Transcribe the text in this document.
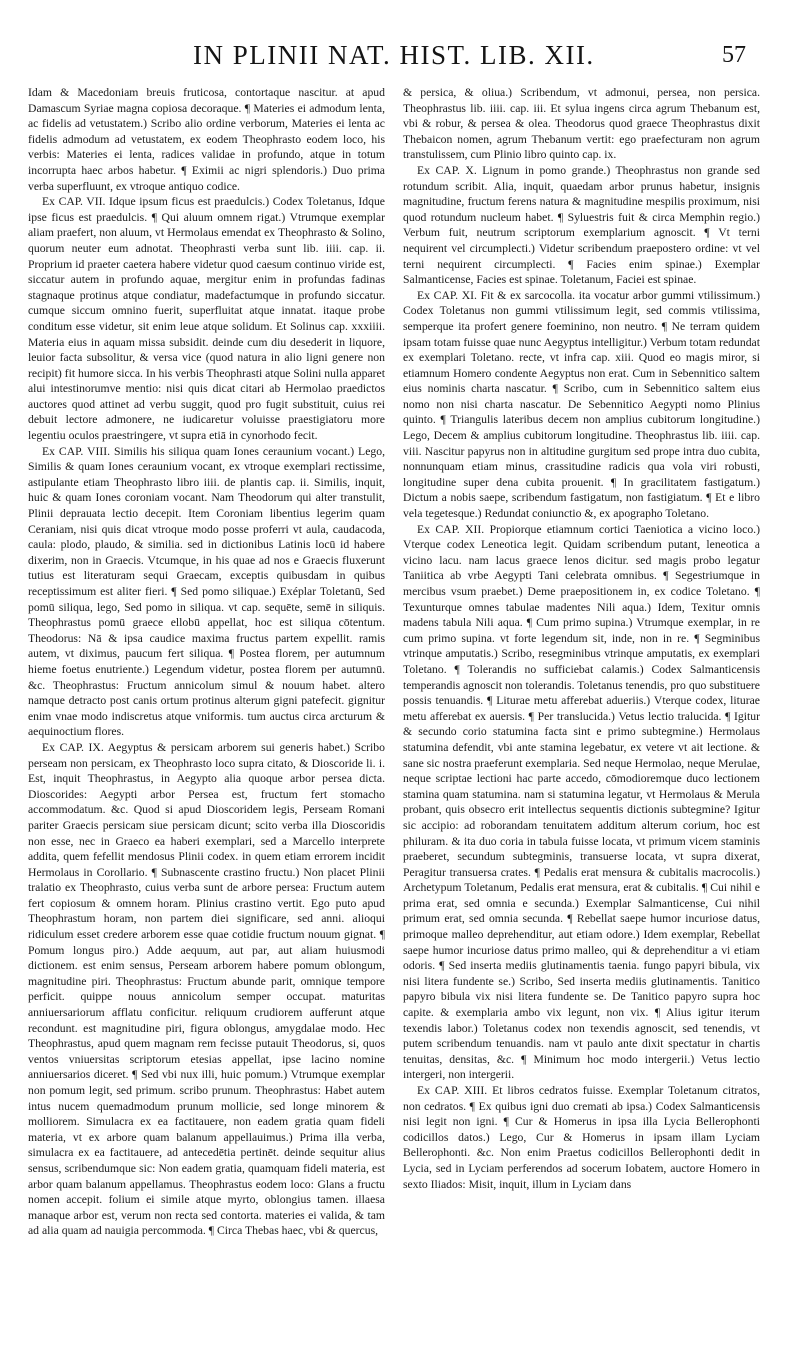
IN PLINII NAT. HIST. LIB. XII.	57

Idam & Macedoniam breuis fruticosa, contortaque nascitur. at apud Damascum Syriae magna copiosa decoraque. ¶ Materies ei admodum lenta, ac fidelis ad vetustatem.) Scribo alio ordine verborum, Materies ei lenta ac fidelis admodum ad vetustatem, ex eodem Theophrasto eodem loco, his verbis: Materies ei lenta, radices validae in profundo, atque in totum incorrupta haec arbos habetur. ¶ Eximii ac nigri splendoris.) Duo prima verba superfluunt, ex vtroque antiquo codice.

Ex CAP. VII. Idque ipsum ficus est praedulcis.) Codex Toletanus, Idque ipse ficus est praedulcis. ¶ Qui aluum omnem rigat.) Vtrumque exemplar aliam praefert, non aluum, vt Hermolaus emendat ex Theophrasto & Solino, quorum neuter eum adnotat. Theophrasti verba sunt lib. iiii. cap. ii. Proprium id praeter caetera habere videtur quod caesum continuo viride est, siccatur autem in profundo aquae, mergitur enim in profundas fadinas stagnaque protinus atque condiatur, madefactumque in profundo siccatur. cumque siccum omnino fuerit, superfluitat atque innatat. itaque probe conditum esse videtur, sit enim leue atque solidum. Et Solinus cap. xxxiiii. Materia eius in aquam missa subsidit. deinde cum diu desederit in liquore, leuior facta subsolitur, & versa vice (quod natura in alio ligni genere non recipit) fit humore sicca. In his verbis Theophrasti atque Solini nulla apparet alui intestinorumve mentio: nisi quis dicat citari ab Hermolao praedictos auctores quod attinet ad verbu suggit, quod pro fugit substituit, cuius rei debuit lectore admonere, ne iudicaretur voluisse praestigiatoru more legentiu oculos praestringere, vt supra etiā in cynorhodo fecit.

Ex CAP. VIII. Similis his siliqua quam Iones ceraunium vocant.) Lego, Similis & quam Iones ceraunium vocant, ex vtroque exemplari rectissime, astipulante etiam Theophrasto libro iiii. de plantis cap. ii. Similis, inquit, huic & quam Iones coroniam vocant. Nam Theodorum qui alter transtulit, Plinii deprauata lectio decepit. Item Coroniam libentius legerim quam Ceraniam, nisi quis dicat vtroque modo posse proferri vt aula, caudacoda, caula: plodo, plaudo, & similia. sed in dictionibus Latinis locū id habere dixerim, non in Graecis. Vtcumque, in his quae ad nos e Graecis fluxerunt tutius est literaturam sequi Graecam, exceptis quibusdam in quibus receptissimum est aliter fieri. ¶ Sed pomo siliquae.) Exéplar Toletanū, Sed pomū siliqua, lego, Sed pomo in siliqua. vt cap. sequēte, semē in siliquis. Theophrastus pomū graece ellobū appellat, hoc est siliqua cōtentum. Theodorus: Nā & ipsa caudice maxima fructus partem expellit. ramis autem, vt diximus, paucum fert siliqua. ¶ Postea florem, per autumnum hieme foetus enutriente.) Legendum videtur, postea florem per autumnū. &c. Theophrastus: Fructum annicolum simul & nouum habet. altero namque detracto post canis ortum protinus alterum gigni patefecit. gignitur enim vnae modo indiscretus atque vniformis. tum auctus circa arcturum & aequinoctium flores.

Ex CAP. IX. Aegyptus & persicam arborem sui generis habet.) Scribo perseam non persicam, ex Theophrasto loco supra citato, & Dioscoride li. i. Est, inquit Theophrastus, in Aegypto alia quoque arbor persea dicta. Dioscorides: Aegypti arbor Persea est, fructum fert stomacho accommodatum. &c. Quod si apud Dioscoridem legis, Perseam Romani pariter Graecis persicam siue persicam dicunt; scito verba illa Dioscoridis non esse, nec in Graeco ea haberi exemplari, sed a Marcello interprete addita, quem fefellit mendosus Plinii codex. in quem etiam errorem incidit Hermolaus in Corollario. ¶ Subnascente crastino fructu.) Non placet Plinii tralatio ex Theophrasto, cuius verba sunt de arbore persea: Fructum autem fert copiosum & omnem horam. Plinius crastino vertit. Ego puto apud Theophrastum horam, non partem diei significare, sed anni. alioqui ridiculum esset credere arborem esse quae cotidie fructum nouum gignat. ¶ Pomum longus piro.) Adde aequum, aut par, aut aliam huiusmodi dictionem. est enim sensus, Perseam arborem habere pomum oblongum, magnitudine piri. Theophrastus: Fructum abunde parit, omnique tempore perficit. quippe nouus annicolum semper occupat. maturitas anniuersariorum afflatu conficitur. reliquum crudiorem aufferunt atque recondunt. est magnitudine piri, figura oblongus, amygdalae modo. Hec Theophrastus, apud quem magnam rem fecisse putauit Theodorus, si, quos ventos vniuersitas scriptorum etesias appellat, ipse lacino nomine anniuersarios diceret. ¶ Sed vbi nux illi, huic pomum.) Vtrumque exemplar non pomum legit, sed primum. scribo prunum. Theophrastus: Habet autem intus nucem quemadmodum prunum mollicie, sed longe minorem & molliorem. Simulacra ex ea factitauere, non eadem gratia quam fideli materia, vt ex arbore quam balanum appellauimus.) Prima illa verba, simulacra ex ea factitauere, ad antecedētia pertinēt. deinde sequitur alius sensus, scribendumque sic: Non eadem gratia, quamquam fideli materia, est arbor quam balanum appellamus. Theophrastus eodem loco: Glans a fructu nomen accepit. folium ei simile atque myrto, oblongius tamen. illaesa manaque arbor est, verum non recta sed contorta. materies ei valida, & tam ad alia quam ad nauigia percommoda. ¶ Circa Thebas haec, vbi & quercus,

& persica, & oliua.) Scribendum, vt admonui, persea, non persica. Theophrastus lib. iiii. cap. iii. Et sylua ingens circa agrum Thebanum est, vbi & robur, & persea & olea. Theodorus quod graece Theophrastus dixit Thebaicon nomen, agrum Thebanum vertit: ego praefecturam non agrum transtulissem, cum Plinio libro quinto cap. ix.

Ex CAP. X. Lignum in pomo grande.) Theophrastus non grande sed rotundum scribit. Alia, inquit, quaedam arbor prunus habetur, insignis magnitudine, fructum ferens natura & magnitudine mespilis proximum, nisi quod rotundum nucleum habet. ¶ Syluestris fuit & circa Memphin regio.) Verbum fuit, neutrum scriptorum exemplarium agnoscit. ¶ Vt terni nequirent vel circumplecti.) Videtur scribendum praepostero ordine: vt vel terni nequirent circumplecti. ¶ Facies enim spinae.) Exemplar Salmanticense, Facies est spinae. Toletanum, Faciei est spinae.

Ex CAP. XI. Fit & ex sarcocolla. ita vocatur arbor gummi vtilissimum.) Codex Toletanus non gummi vtilissimum legit, sed commis vtilissima, semperque ita profert genere foeminino, non neutro. ¶ Ne terram quidem ipsam totam fuisse quae nunc Aegyptus intelligitur.) Verbum totam redundat ex exemplari Toletano. recte, vt infra cap. xiii. Quod eo magis miror, si etiamnum Homero condente Aegyptus non erat. Cum in Sebennitico saltem eius nominis charta nascatur. ¶ Scribo, cum in Sebennitico saltem eius nomo non nisi charta nascatur. De Sebennitico Aegypti nomo Plinius quinto. ¶ Triangulis lateribus decem non amplius cubitorum longitudine.) Lego, Decem & amplius cubitorum longitudine. Theophrastus lib. iiii. cap. viii. Nascitur papyrus non in altitudine gurgitum sed prope intra duo cubita, nonnunquam etiam minus, crassitudine radicis qua vola viri robusti, longitudine super dena cubita prouenit. ¶ In gracilitatem fastigatum.) Dictum a nobis saepe, scribendum fastigatum, non fastigiatum. ¶ Et e libro vela tegetesque.) Redundat coniunctio &, ex apographo Toletano.

Ex CAP. XII. Propiorque etiamnum cortici Taeniotica a vicino loco.) Vterque codex Leneotica legit. Quidam scribendum putant, leneotica a vicino lacu. nam lacus graece lenos dicitur. sed magis probo legatur Taniitica ab vrbe Aegypti Tani celebrata omnibus. ¶ Segestriumque in mercibus vsum praebet.) Deme praepositionem in, ex codice Toletano. ¶ Texunturque omnes tabulae madentes Nili aqua.) Idem, Texitur omnis madens tabula Nili aqua. ¶ Cum primo supina.) Vtrumque exemplar, in re cum primo supina. vt forte legendum sit, inde, non in re. ¶ Segminibus vtrinque amputatis.) Scribo, resegminibus vtrinque amputatis, ex exemplari Toletano. ¶ Tolerandis no sufficiebat calamis.) Codex Salmanticensis temperandis agnoscit non tolerandis. Toletanus tenendis, pro quo substituere possis tenuandis. ¶ Liturae metu afferebat adueriis.) Vterque codex, liturae metu afferebat ex auersis. ¶ Per translucida.) Vetus lectio tralucida. ¶ Igitur & secundo corio statumina facta sint e primo subtegmine.) Hermolaus statumina defendit, vbi ante stamina legebatur, ex vetere vt ait lectione. & sane sic nostra praeferunt exemplaria. Sed neque Hermolao, neque Merulae, neque scriptae lectioni hac parte accedo, cōmodioremque duco lectionem stamina quam statumina. nam si statumina legatur, vt Hermolaus & Merula probant, quis obsecro erit intellectus sequentis dictionis subtegmine? Igitur sic accipio: ad roborandam tenuitatem additum alterum corium, hoc est philuram. & ita duo coria in tabula fuisse locata, vt primum vicem staminis praeberet, secundum subtegminis, transuerse locata, vt supra dixerat, Peragitur transuersa crates. ¶ Pedalis erat mensura & cubitalis macrocolis.) Archetypum Toletanum, Pedalis erat mensura, erat & cubitalis. ¶ Cui nihil e prima erat, sed omnia e secunda.) Exemplar Salmanticense, Cui nihil primum erat, sed omnia secunda. ¶ Rebellat saepe humor incuriose datus, primoque malleo deprehenditur, aut etiam odore.) Idem exemplar, Rebellat saepe humor incuriose datus primo malleo, qui & deprehenditur a vi etiam odoris. ¶ Sed inserta mediis glutinamentis taenia. fungo papyri bibula, vix nisi litera fundente se.) Scribo, Sed inserta mediis glutinamentis. Tanitico papyro bibula vix nisi litera fundente se. De Tanitico papyro supra hoc capite. & exemplaria ambo vix legunt, non vix. ¶ Alius igitur iterum texendis labor.) Toletanus codex non texendis agnoscit, sed tenendis, vt putem scribendum tenuandis. nam vt paulo ante dixit spectatur in chartis tenuitas, densitas, &c. ¶ Minimum hoc modo intergerii.) Vetus lectio intergeri, non intergerii.

Ex CAP. XIII. Et libros cedratos fuisse. Exemplar Toletanum citratos, non cedratos. ¶ Ex quibus igni duo cremati ab ipsa.) Codex Salmanticensis nisi legit non igni. ¶ Cur & Homerus in ipsa illa Lycia Bellerophonti codicillos datos.) Lego, Cur & Homerus in ipsam illam Lyciam Bellerophonti. &c. Non enim Praetus codicillos Bellerophonti dedit in Lycia, sed in Lyciam perferendos ad socerum Iobatem, auctore Homero in sexto Iliados: Misit, inquit, illum in Lyciam dans
